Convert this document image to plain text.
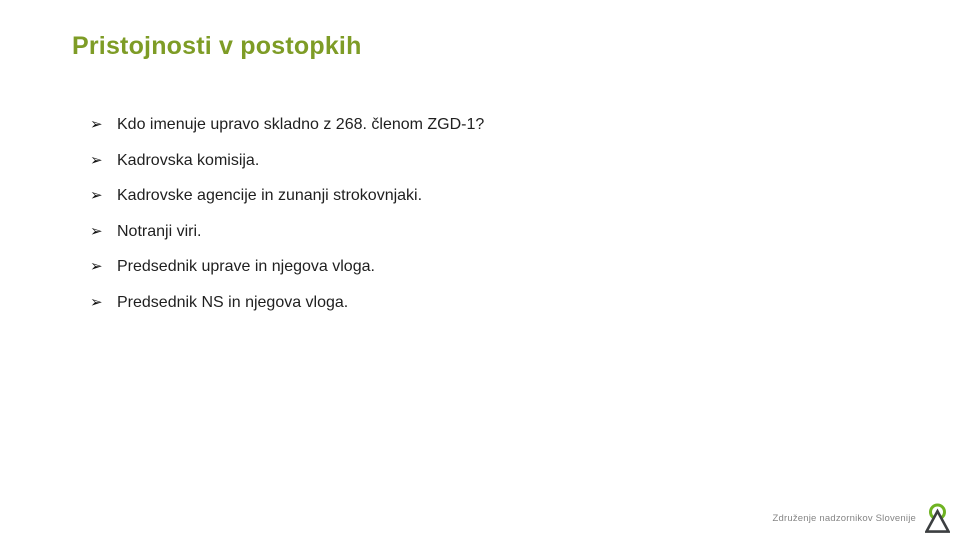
Pristojnosti v postopkih
➢ Kdo imenuje upravo skladno z 268. členom ZGD-1?
➢ Kadrovska komisija.
➢ Kadrovske agencije in zunanji strokovnjaki.
➢ Notranji viri.
➢ Predsednik uprave in njegova vloga.
➢ Predsednik NS in njegova vloga.
Združenje nadzornikov Slovenije
